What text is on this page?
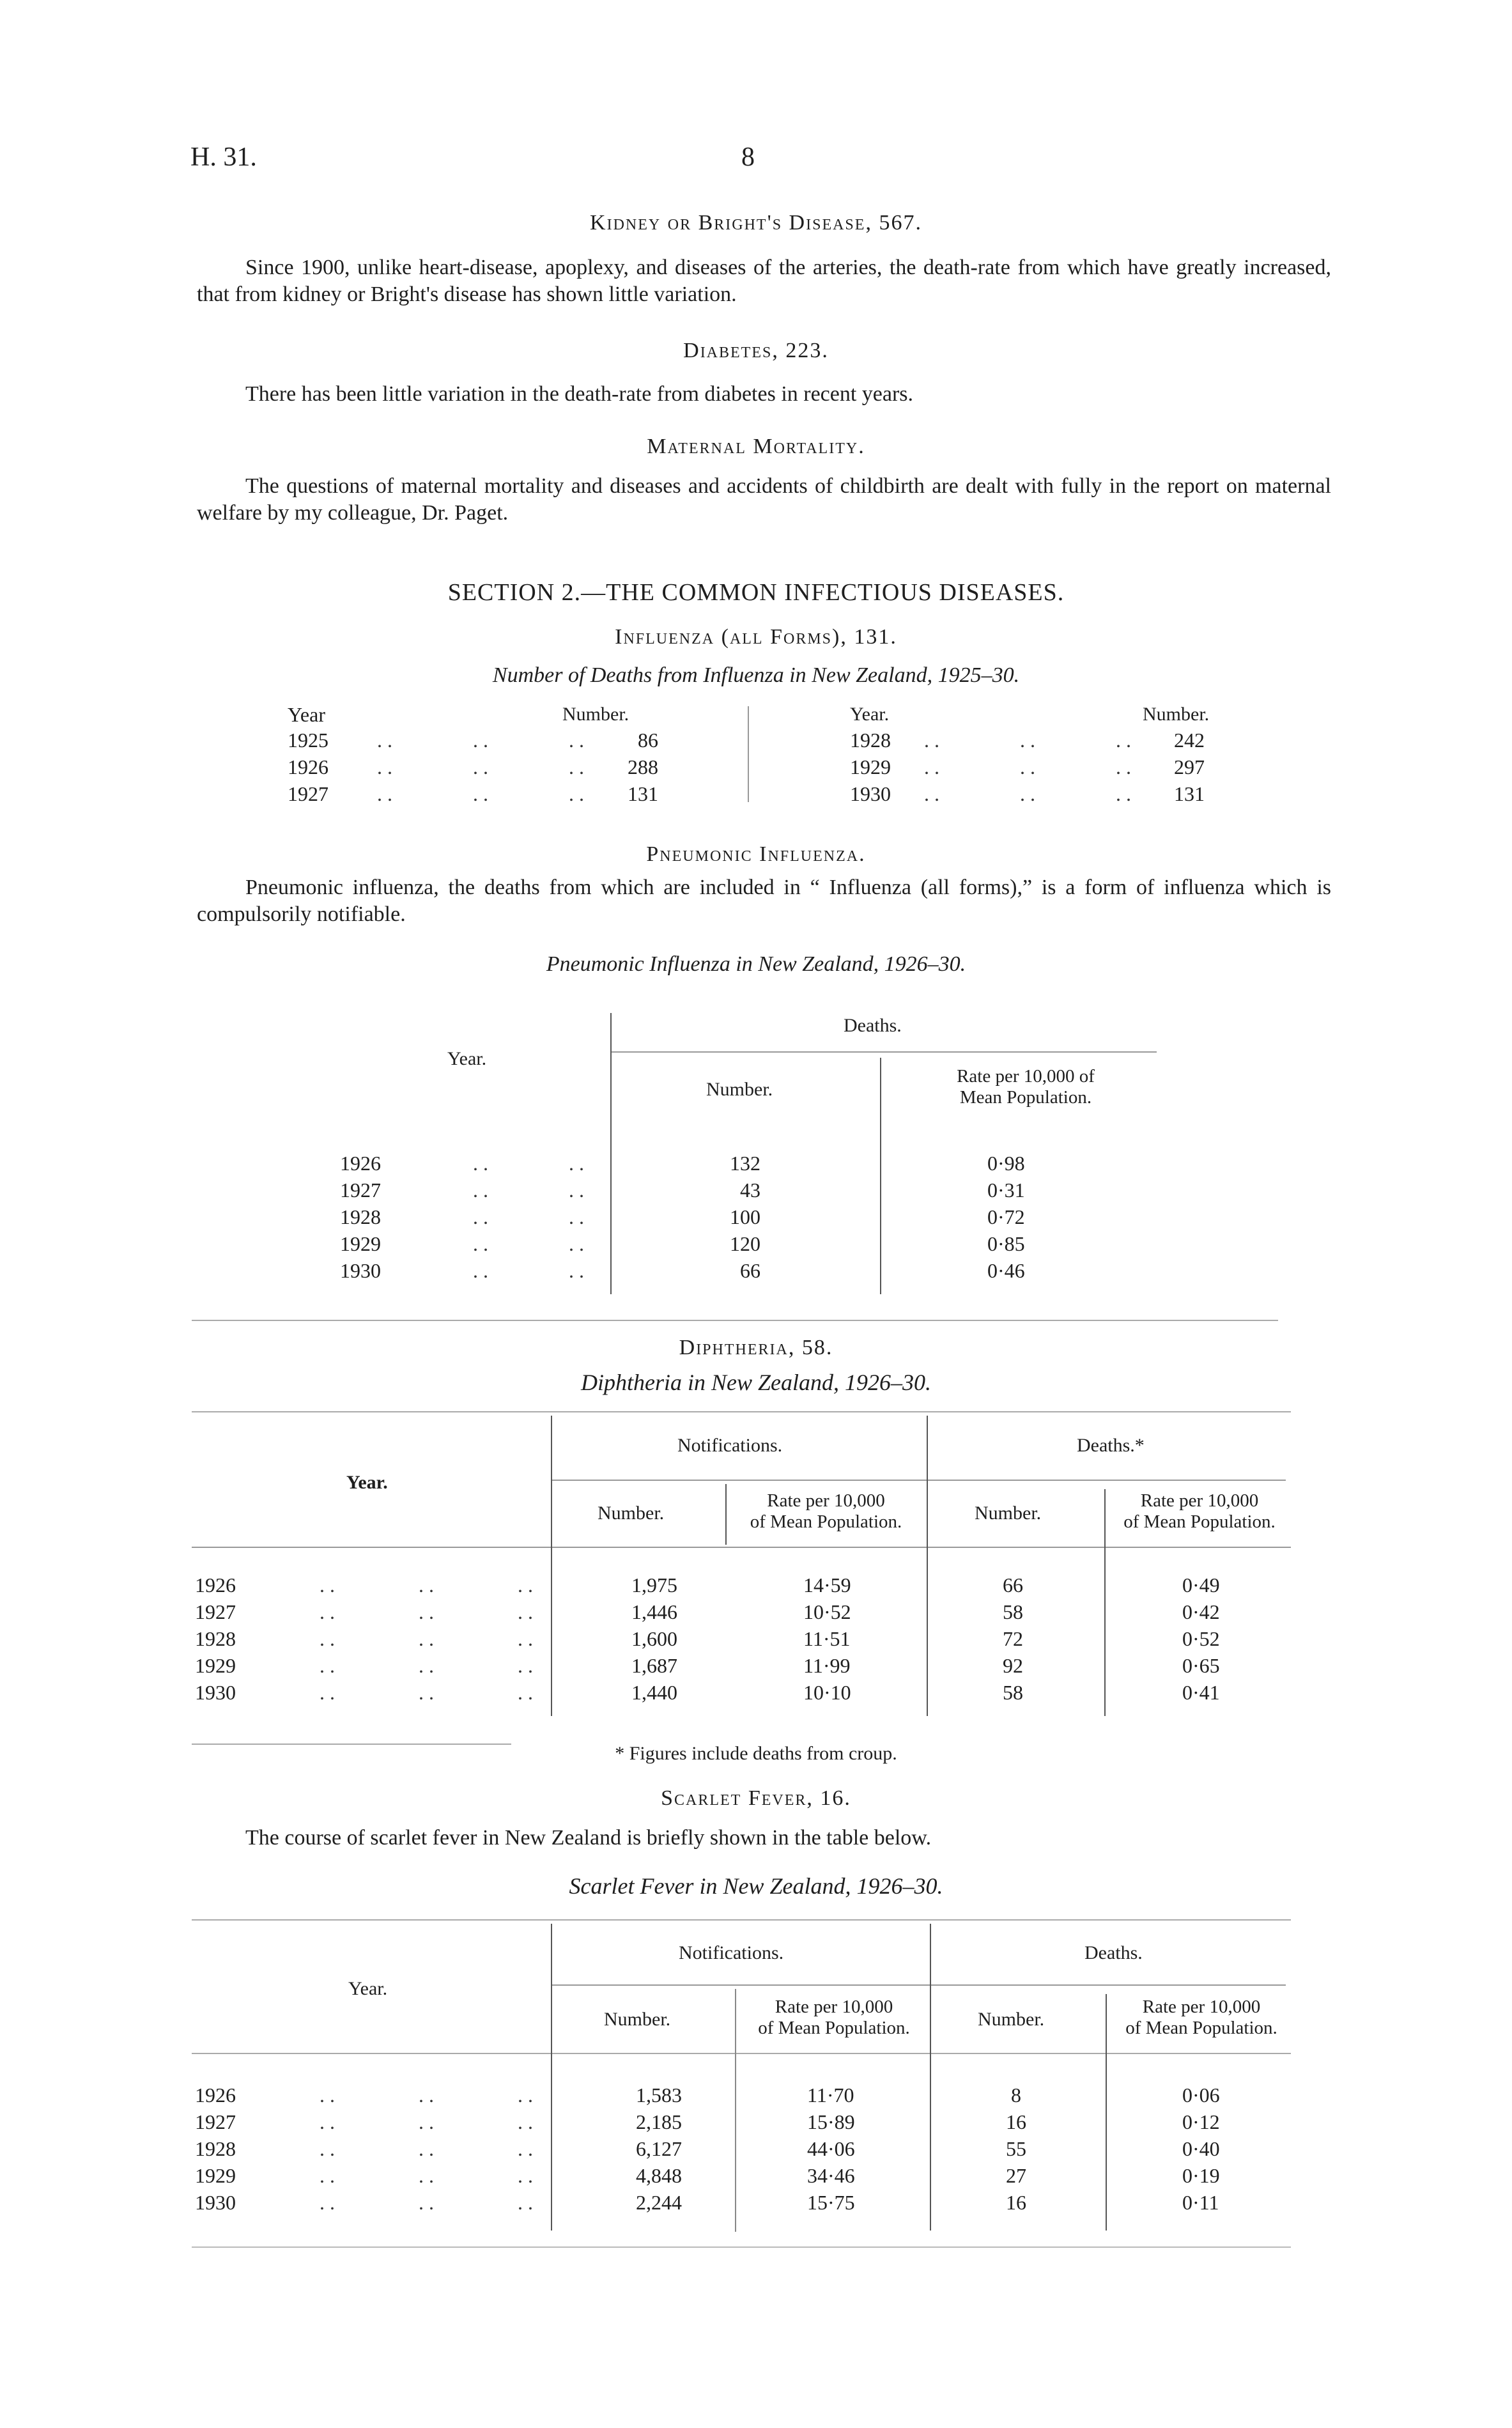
H. 31.	8
Kidney or Bright's Disease, 567.
Since 1900, unlike heart-disease, apoplexy, and diseases of the arteries, the death-rate from which have greatly increased, that from kidney or Bright's disease has shown little variation.
Diabetes, 223.
There has been little variation in the death-rate from diabetes in recent years.
Maternal Mortality.
The questions of maternal mortality and diseases and accidents of childbirth are dealt with fully in the report on maternal welfare by my colleague, Dr. Paget.
SECTION 2.—THE COMMON INFECTIOUS DISEASES.
Influenza (all Forms), 131.
Number of Deaths from Influenza in New Zealand, 1925–30.
Year	Number.	Year.	Number.
1925 . .	. .	. .	86
1926 . .	. .	. .	288
1927 . .	. .	. .	131
1928 . .	. .	. .	242
1929 . .	. .	. .	297
1930 . .	. .	. .	131
Pneumonic Influenza.
Pneumonic influenza, the deaths from which are included in “ Influenza (all forms),” is a form of influenza which is compulsorily notifiable.
Pneumonic Influenza in New Zealand, 1926–30.
Year.
Deaths.
Number.
Rate per 10,000 of
Mean Population.
1926	. .	. .	132	0·98
1927	. .	. .	43	0·31
1928	. .	. .	100	0·72
1929	. .	. .	120	0·85
1930	. .	. .	66	0·46
Diphtheria, 58.
Diphtheria in New Zealand, 1926–30.
Year.
Notifications.	Deaths.*
Number.
Rate per 10,000
of Mean Population.	Number.
Rate per 10,000
of Mean Population.
1926	. .	. .	. .	1,975	14·59	66	0·49
1927	. .	. .	. .	1,446	10·52	58	0·42
1928	. .	. .	. .	1,600	11·51	72	0·52
1929	. .	. .	. .	1,687	11·99	92	0·65
1930	. .	. .	. .	1,440	10·10	58	0·41
* Figures include deaths from croup.
Scarlet Fever, 16.
The course of scarlet fever in New Zealand is briefly shown in the table below.
Scarlet Fever in New Zealand, 1926–30.
Year.
Notifications.	Deaths.
Number.
Rate per 10,000
of Mean Population.	Number.
Rate per 10,000
of Mean Population.
1926	. .	. .	. .	1,583	11·70	8	0·06
1927	. .	. .	. .	2,185	15·89	16	0·12
1928	. .	. .	. .	6,127	44·06	55	0·40
1929	. .	. .	. .	4,848	34·46	27	0·19
1930	. .	. .	. .	2,244	15·75	16	0·11
